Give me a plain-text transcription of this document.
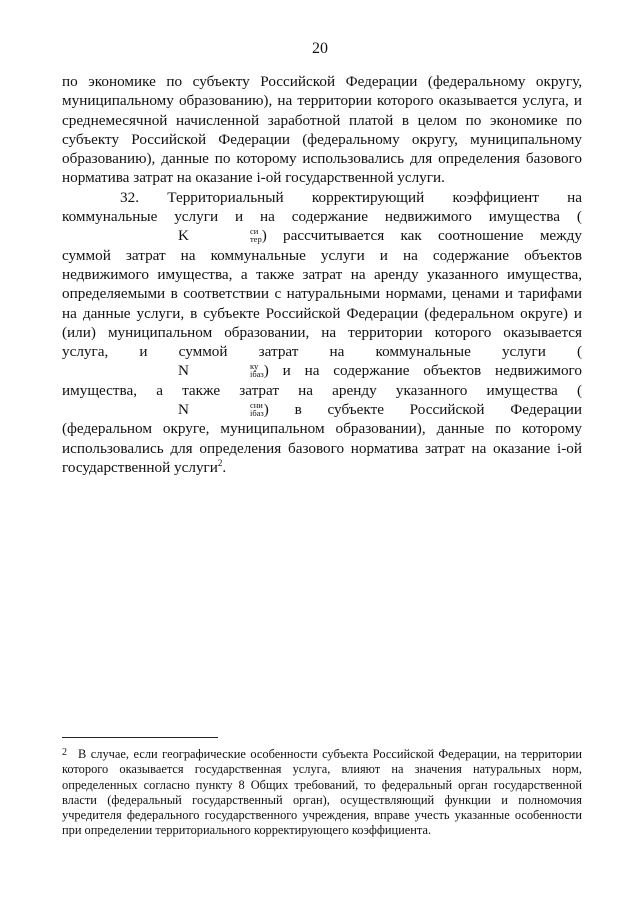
20

по экономике по субъекту Российской Федерации (федеральному округу, муниципальному образованию), на территории которого оказывается услуга, и среднемесячной начисленной заработной платой в целом по экономике по субъекту Российской Федерации (федеральному округу, муниципальному образованию), данные по которому использовались для определения базового норматива затрат на оказание i-ой государственной услуги.

32. Территориальный корректирующий коэффициент на коммунальные услуги и на содержание недвижимого имущества (K	си
тер ) рассчитывается как соотношение между суммой затрат на коммунальные услуги и на содержание объектов недвижимого имущества, а также затрат на аренду указанного имущества, определяемыми в соответствии с натуральными нормами, ценами и тарифами на данные услуги, в субъекте Российской Федерации (федеральном округе) и (или) муниципальном образовании, на территории которого оказывается услуга, и суммой затрат на коммунальные услуги (N	ку
iбаз ) и на содержание объектов недвижимого имущества, а также затрат на аренду указанного имущества (N	сни
iбаз ) в субъекте Российской Федерации (федеральном округе, муниципальном образовании), данные по которому использовались для определения базового норматива затрат на оказание i-ой государственной услуги$^2$.

2 В случае, если географические особенности субъекта Российской Федерации, на территории которого оказывается государственная услуга, влияют на значения натуральных норм, определенных согласно пункту 8 Общих требований, то федеральный орган государственной власти (федеральный государственный орган), осуществляющий функции и полномочия учредителя федерального государственного учреждения, вправе учесть указанные особенности при определении территориального корректирующего коэффициента.
